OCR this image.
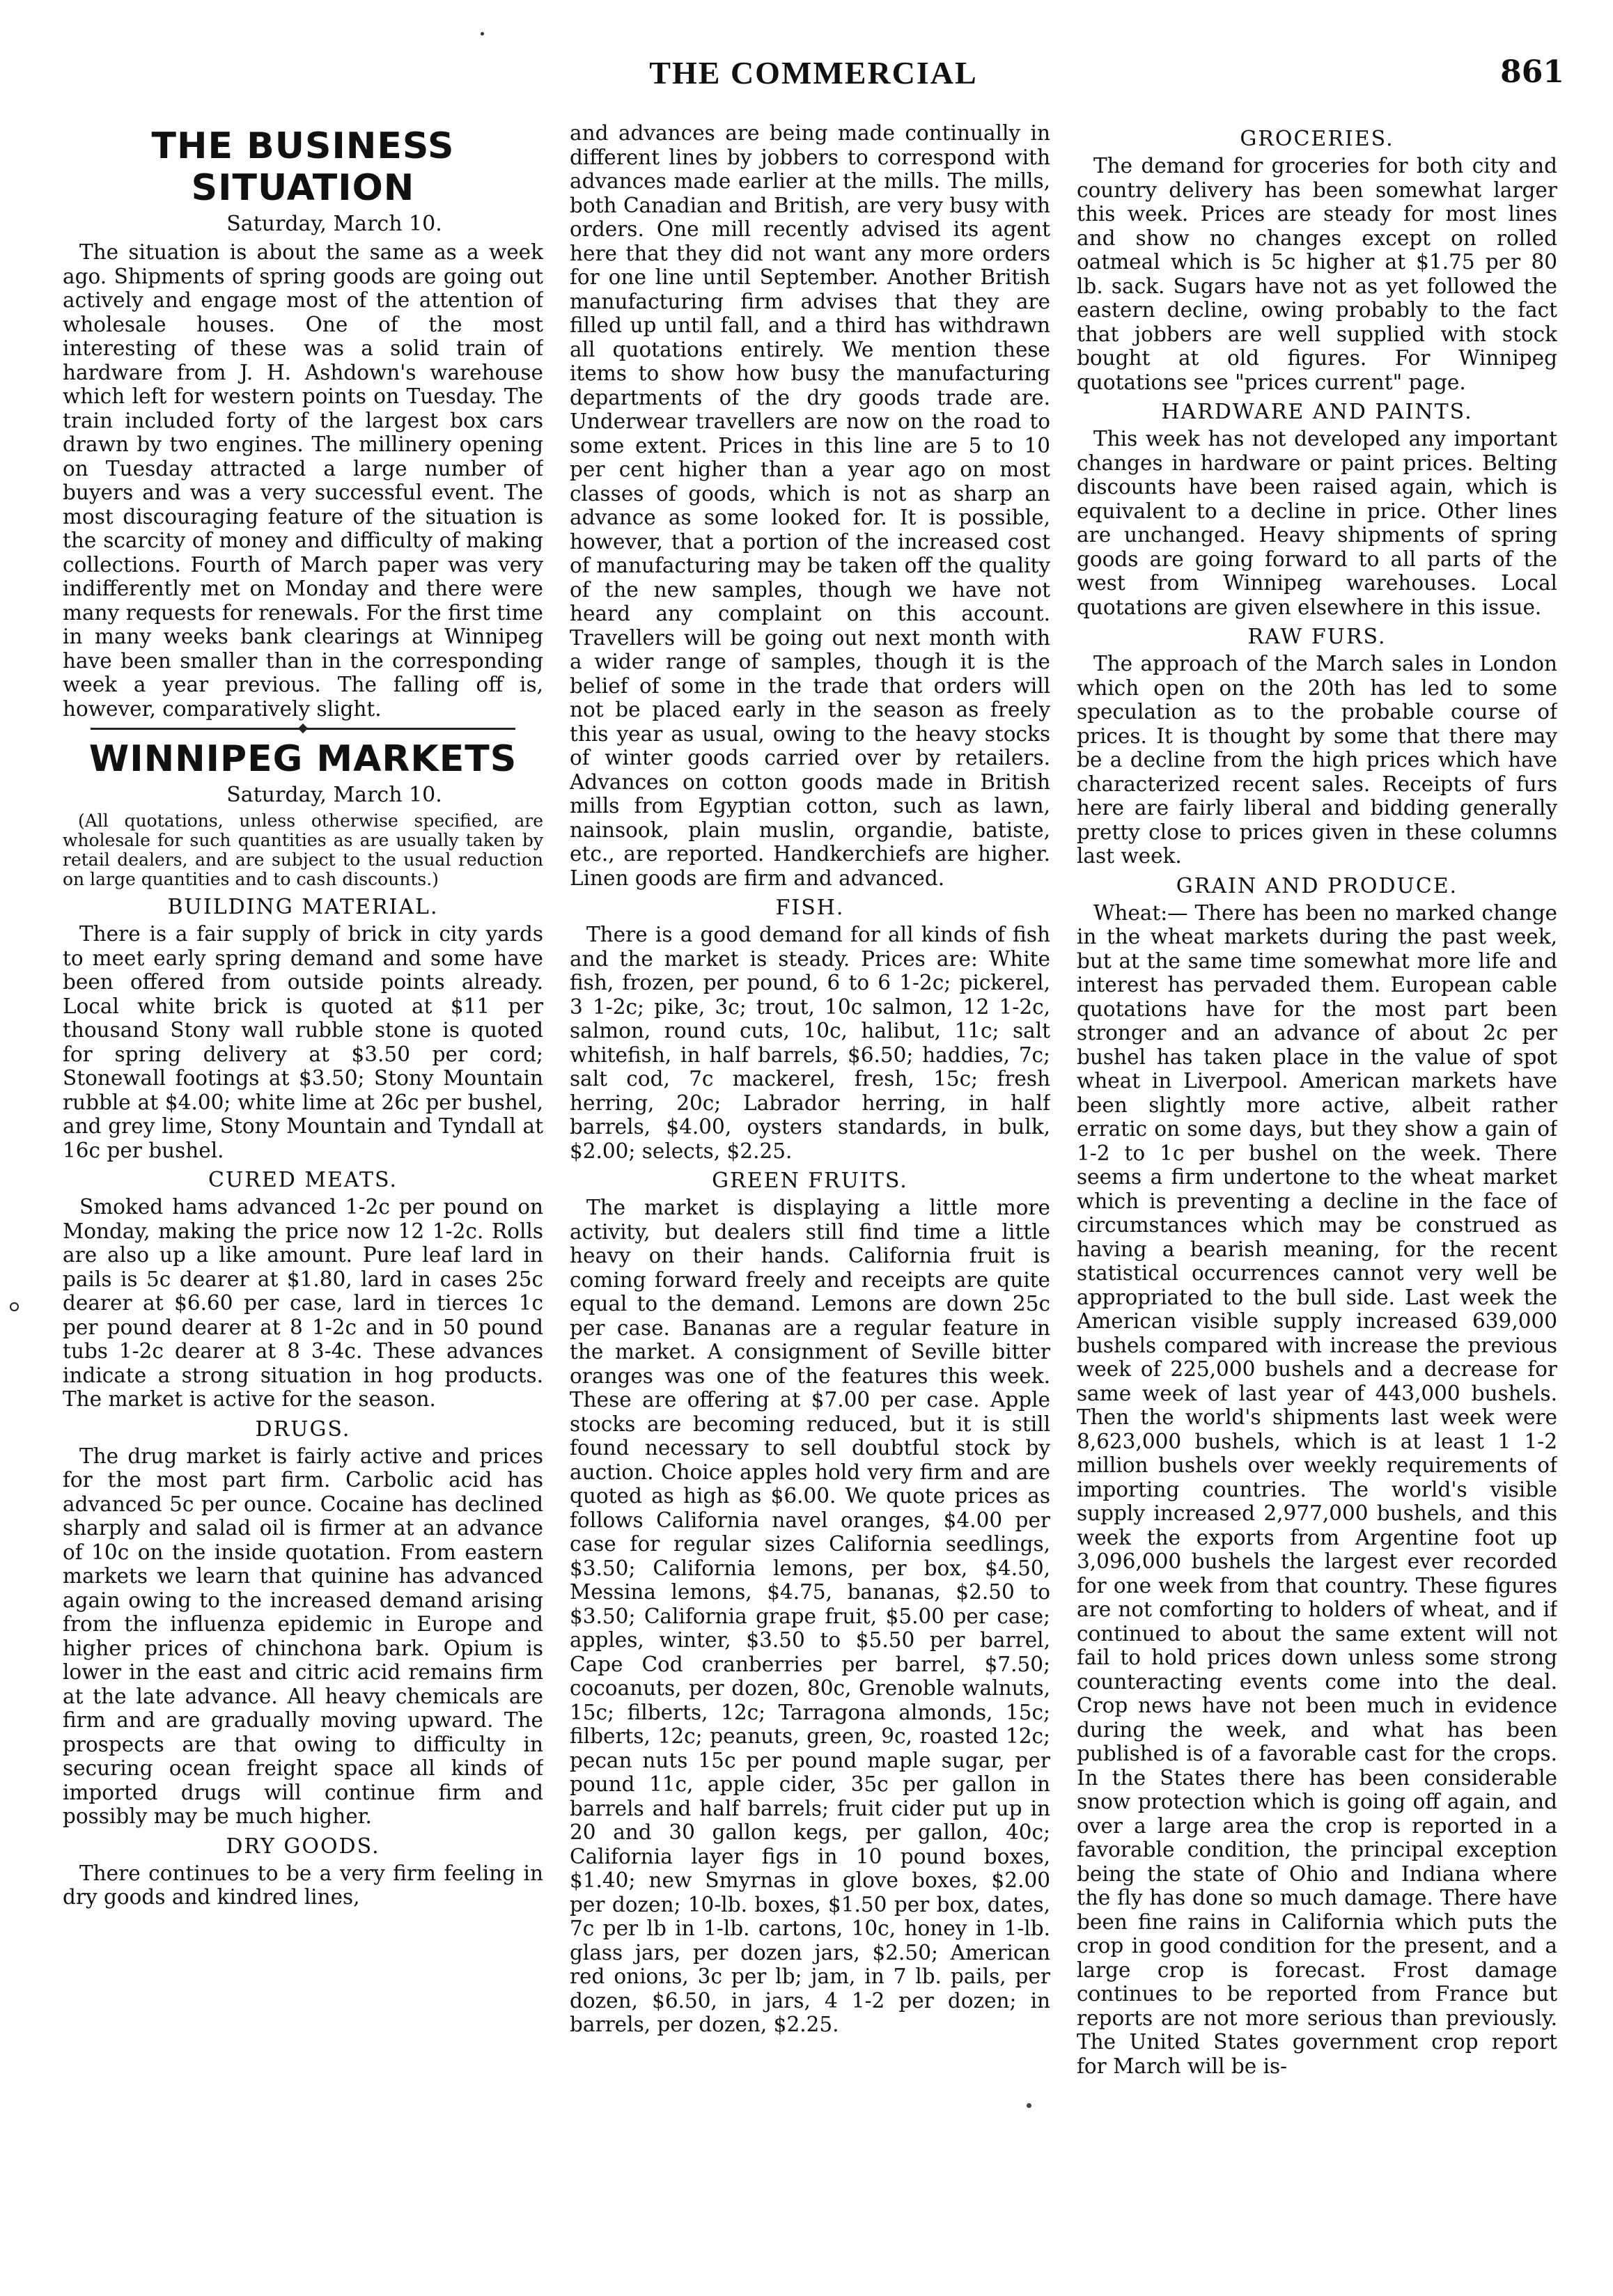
THE COMMERCIAL	861
THE BUSINESS SITUATION
Saturday, March 10.

The situation is about the same as a week ago. Shipments of spring goods are going out actively and engage most of the attention of wholesale houses. One of the most interesting of these was a solid train of hardware from J. H. Ashdown's warehouse which left for western points on Tuesday. The train included forty of the largest box cars drawn by two engines. The millinery opening on Tuesday attracted a large number of buyers and was a very successful event. The most discouraging feature of the situation is the scarcity of money and difficulty of making collections. Fourth of March paper was very indifferently met on Monday and there were many requests for renewals. For the first time in many weeks bank clearings at Winnipeg have been smaller than in the corresponding week a year previous. The falling off is, however, comparatively slight.

WINNIPEG MARKETS
Saturday, March 10.

(All quotations, unless otherwise specified, are wholesale for such quantities as are usually taken by retail dealers, and are subject to the usual reduction on large quantities and to cash discounts.)

BUILDING MATERIAL.

There is a fair supply of brick in city yards to meet early spring demand and some have been offered from outside points already. Local white brick is quoted at $11 per thousand Stony wall rubble stone is quoted for spring delivery at $3.50 per cord; Stonewall footings at $3.50; Stony Mountain rubble at $4.00; white lime at 26c per bushel, and grey lime, Stony Mountain and Tyndall at 16c per bushel.

CURED MEATS.

Smoked hams advanced 1-2c per pound on Monday, making the price now 12 1-2c. Rolls are also up a like amount. Pure leaf lard in pails is 5c dearer at $1.80, lard in cases 25c dearer at $6.60 per case, lard in tierces 1c per pound dearer at 8 1-2c and in 50 pound tubs 1-2c dearer at 8 3-4c. These advances indicate a strong situation in hog products. The market is active for the season.

DRUGS.

The drug market is fairly active and prices for the most part firm. Carbolic acid has advanced 5c per ounce. Cocaine has declined sharply and salad oil is firmer at an advance of 10c on the inside quotation. From eastern markets we learn that quinine has advanced again owing to the increased demand arising from the influenza epidemic in Europe and higher prices of chinchona bark. Opium is lower in the east and citric acid remains firm at the late advance. All heavy chemicals are firm and are gradually moving upward. The prospects are that owing to difficulty in securing ocean freight space all kinds of imported drugs will continue firm and possibly may be much higher.

DRY GOODS.

There continues to be a very firm feeling in dry goods and kindred lines,

and advances are being made continually in different lines by jobbers to correspond with advances made earlier at the mills. The mills, both Canadian and British, are very busy with orders. One mill recently advised its agent here that they did not want any more orders for one line until September. Another British manufacturing firm advises that they are filled up until fall, and a third has withdrawn all quotations entirely. We mention these items to show how busy the manufacturing departments of the dry goods trade are. Underwear travellers are now on the road to some extent. Prices in this line are 5 to 10 per cent higher than a year ago on most classes of goods, which is not as sharp an advance as some looked for. It is possible, however, that a portion of the increased cost of manufacturing may be taken off the quality of the new samples, though we have not heard any complaint on this account. Travellers will be going out next month with a wider range of samples, though it is the belief of some in the trade that orders will not be placed early in the season as freely this year as usual, owing to the heavy stocks of winter goods carried over by retailers. Advances on cotton goods made in British mills from Egyptian cotton, such as lawn, nainsook, plain muslin, organdie, batiste, etc., are reported. Handkerchiefs are higher. Linen goods are firm and advanced.

FISH.

There is a good demand for all kinds of fish and the market is steady. Prices are: White fish, frozen, per pound, 6 to 6 1-2c; pickerel, 3 1-2c; pike, 3c; trout, 10c salmon, 12 1-2c, salmon, round cuts, 10c, halibut, 11c; salt whitefish, in half barrels, $6.50; haddies, 7c; salt cod, 7c mackerel, fresh, 15c; fresh herring, 20c; Labrador herring, in half barrels, $4.00, oysters standards, in bulk, $2.00; selects, $2.25.

GREEN FRUITS.

The market is displaying a little more activity, but dealers still find time a little heavy on their hands. California fruit is coming forward freely and receipts are quite equal to the demand. Lemons are down 25c per case. Bananas are a regular feature in the market. A consignment of Seville bitter oranges was one of the features this week. These are offering at $7.00 per case. Apple stocks are becoming reduced, but it is still found necessary to sell doubtful stock by auction. Choice apples hold very firm and are quoted as high as $6.00. We quote prices as follows California navel oranges, $4.00 per case for regular sizes California seedlings, $3.50; California lemons, per box, $4.50, Messina lemons, $4.75, bananas, $2.50 to $3.50; California grape fruit, $5.00 per case; apples, winter, $3.50 to $5.50 per barrel, Cape Cod cranberries per barrel, $7.50; cocoanuts, per dozen, 80c, Grenoble walnuts, 15c; filberts, 12c; Tarragona almonds, 15c; filberts, 12c; peanuts, green, 9c, roasted 12c; pecan nuts 15c per pound maple sugar, per pound 11c, apple cider, 35c per gallon in barrels and half barrels; fruit cider put up in 20 and 30 gallon kegs, per gallon, 40c; California layer figs in 10 pound boxes, $1.40; new Smyrnas in glove boxes, $2.00 per dozen; 10-lb. boxes, $1.50 per box, dates, 7c per lb in 1-lb. cartons, 10c, honey in 1-lb. glass jars, per dozen jars, $2.50; American red onions, 3c per lb; jam, in 7 lb. pails, per dozen, $6.50, in jars, 4 1-2 per dozen; in barrels, per dozen, $2.25.

GROCERIES.

The demand for groceries for both city and country delivery has been somewhat larger this week. Prices are steady for most lines and show no changes except on rolled oatmeal which is 5c higher at $1.75 per 80 lb. sack. Sugars have not as yet followed the eastern decline, owing probably to the fact that jobbers are well supplied with stock bought at old figures. For Winnipeg quotations see "prices current" page.

HARDWARE AND PAINTS.

This week has not developed any important changes in hardware or paint prices. Belting discounts have been raised again, which is equivalent to a decline in price. Other lines are unchanged. Heavy shipments of spring goods are going forward to all parts of the west from Winnipeg warehouses. Local quotations are given elsewhere in this issue.

RAW FURS.

The approach of the March sales in London which open on the 20th has led to some speculation as to the probable course of prices. It is thought by some that there may be a decline from the high prices which have characterized recent sales. Receipts of furs here are fairly liberal and bidding generally pretty close to prices given in these columns last week.

GRAIN AND PRODUCE.

Wheat:— There has been no marked change in the wheat markets during the past week, but at the same time somewhat more life and interest has pervaded them. European cable quotations have for the most part been stronger and an advance of about 2c per bushel has taken place in the value of spot wheat in Liverpool. American markets have been slightly more active, albeit rather erratic on some days, but they show a gain of 1-2 to 1c per bushel on the week. There seems a firm undertone to the wheat market which is preventing a decline in the face of circumstances which may be construed as having a bearish meaning, for the recent statistical occurrences cannot very well be appropriated to the bull side. Last week the American visible supply increased 639,000 bushels compared with increase the previous week of 225,000 bushels and a decrease for same week of last year of 443,000 bushels. Then the world's shipments last week were 8,623,000 bushels, which is at least 1 1-2 million bushels over weekly requirements of importing countries. The world's visible supply increased 2,977,000 bushels, and this week the exports from Argentine foot up 3,096,000 bushels the largest ever recorded for one week from that country. These figures are not comforting to holders of wheat, and if continued to about the same extent will not fail to hold prices down unless some strong counteracting events come into the deal. Crop news have not been much in evidence during the week, and what has been published is of a favorable cast for the crops. In the States there has been considerable snow protection which is going off again, and over a large area the crop is reported in a favorable condition, the principal exception being the state of Ohio and Indiana where the fly has done so much damage. There have been fine rains in California which puts the crop in good condition for the present, and a large crop is forecast. Frost damage continues to be reported from France but reports are not more serious than previously. The United States government crop report for March will be is-
